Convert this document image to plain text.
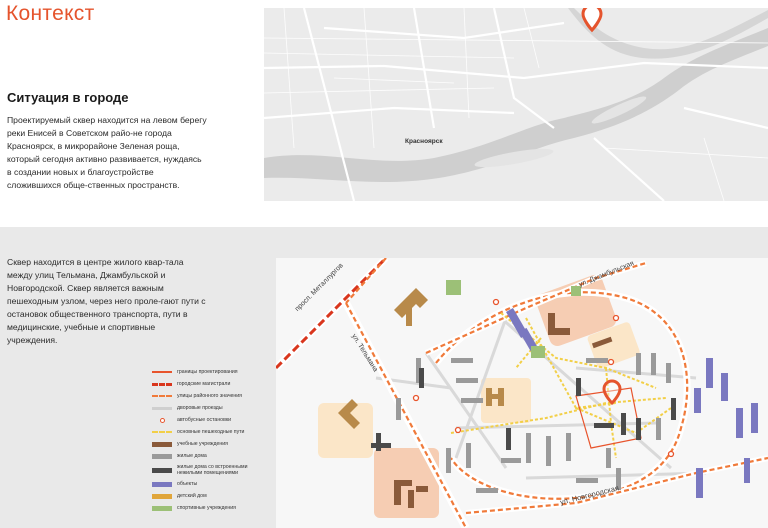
Контекст
Ситуация в городе
Проектируемый сквер находится на левом берегу реки Енисей в Советском райо-не города Красноярск, в микрорайоне Зеленая роща, который сегодня активно развивается, нуждаясь в создании новых и благоустройстве сложившихся обще-ственных пространств.
Красноярск
Сквер находится в центре жилого квар-тала между улиц Тельмана, Джамбульской и Новгородской. Сквер является важным пешеходным узлом, через него проле-гают пути с остановок общественного транспорта, пути в медицинские, учебные и спортивные учреждения.
границы проектирования
городские магистрали
улицы районного значения
дворовые проезды
автобусные остановки
основные пешеходные пути
учебные учреждения
жилые дома
жилые дома со встроенными нежилыми помещениями
объекты
детский дом
спортивные учреждения
просп. Металлургов
ул. Тельмана
ул. Джамбульская
ул. Новгородская
